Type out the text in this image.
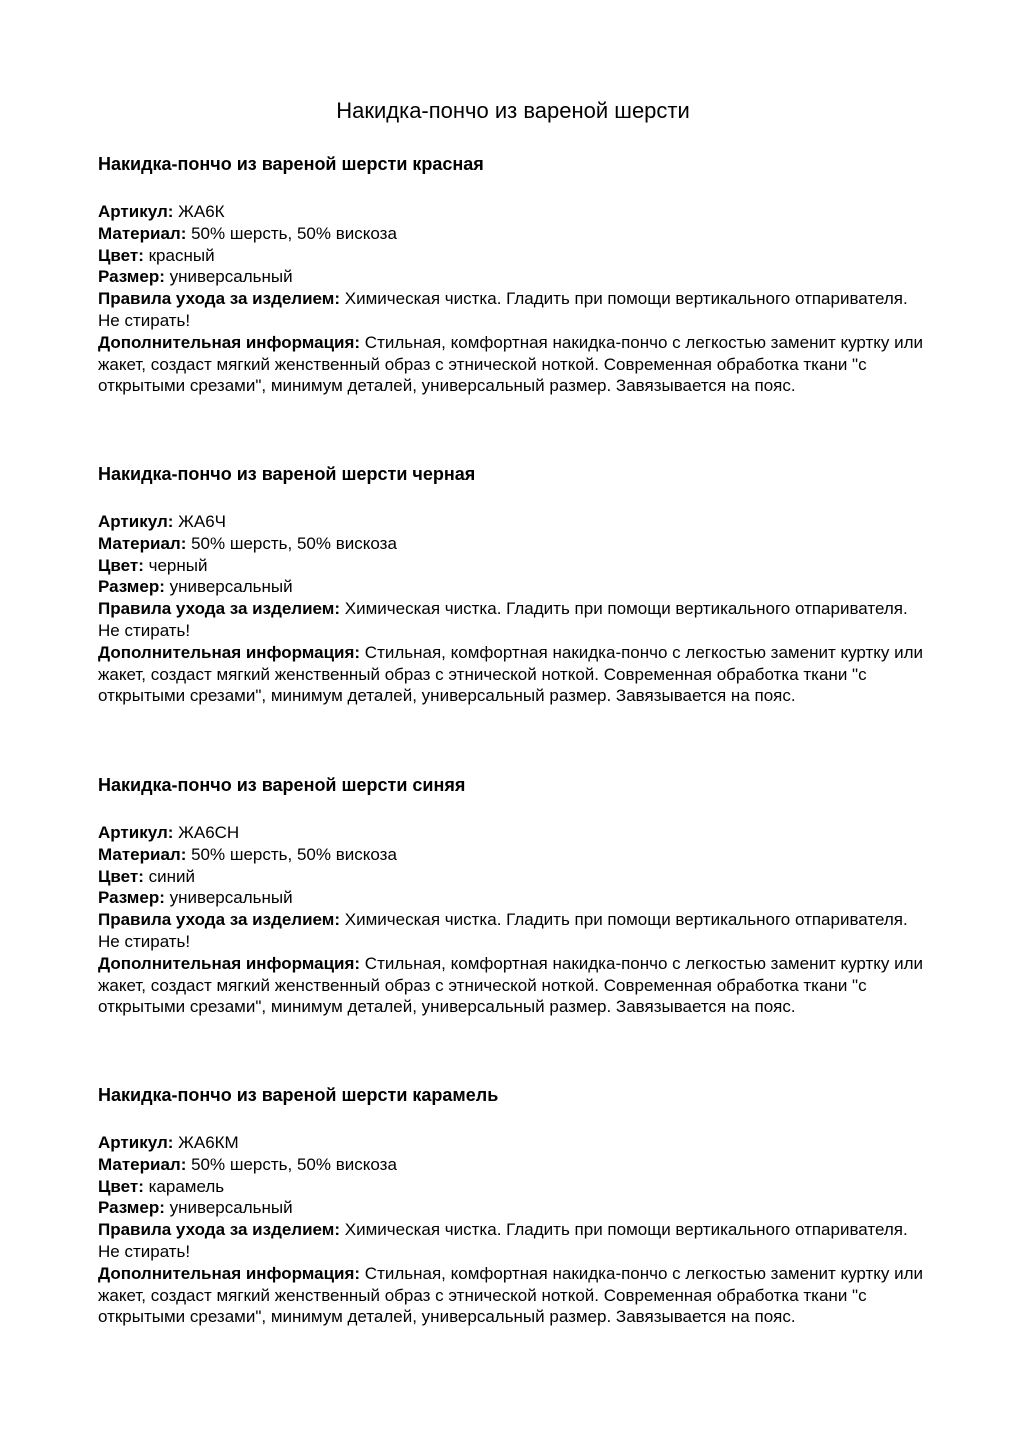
Накидка-пончо из вареной шерсти
Накидка-пончо из вареной шерсти красная

Артикул: ЖА6К

Материал: 50% шерсть, 50% вискоза

Цвет: красный

Размер: универсальный

Правила ухода за изделием: Химическая чистка. Гладить при помощи вертикального отпаривателя. Не стирать!

Дополнительная информация: Стильная, комфортная накидка-пончо с легкостью заменит куртку или жакет, создаст мягкий женственный образ с этнической ноткой. Современная обработка ткани "с открытыми срезами", минимум деталей, универсальный размер. Завязывается на пояс.

Накидка-пончо из вареной шерсти черная

Артикул: ЖА6Ч

Материал: 50% шерсть, 50% вискоза

Цвет: черный

Размер: универсальный

Правила ухода за изделием: Химическая чистка. Гладить при помощи вертикального отпаривателя. Не стирать!

Дополнительная информация: Стильная, комфортная накидка-пончо с легкостью заменит куртку или жакет, создаст мягкий женственный образ с этнической ноткой. Современная обработка ткани "с открытыми срезами", минимум деталей, универсальный размер. Завязывается на пояс.

Накидка-пончо из вареной шерсти синяя

Артикул: ЖА6СН

Материал: 50% шерсть, 50% вискоза

Цвет: синий

Размер: универсальный

Правила ухода за изделием: Химическая чистка. Гладить при помощи вертикального отпаривателя. Не стирать!

Дополнительная информация: Стильная, комфортная накидка-пончо с легкостью заменит куртку или жакет, создаст мягкий женственный образ с этнической ноткой. Современная обработка ткани "с открытыми срезами", минимум деталей, универсальный размер. Завязывается на пояс.

Накидка-пончо из вареной шерсти карамель

Артикул: ЖА6КМ

Материал: 50% шерсть, 50% вискоза

Цвет: карамель

Размер: универсальный

Правила ухода за изделием: Химическая чистка. Гладить при помощи вертикального отпаривателя. Не стирать!

Дополнительная информация: Стильная, комфортная накидка-пончо с легкостью заменит куртку или жакет, создаст мягкий женственный образ с этнической ноткой. Современная обработка ткани "с открытыми срезами", минимум деталей, универсальный размер. Завязывается на пояс.
